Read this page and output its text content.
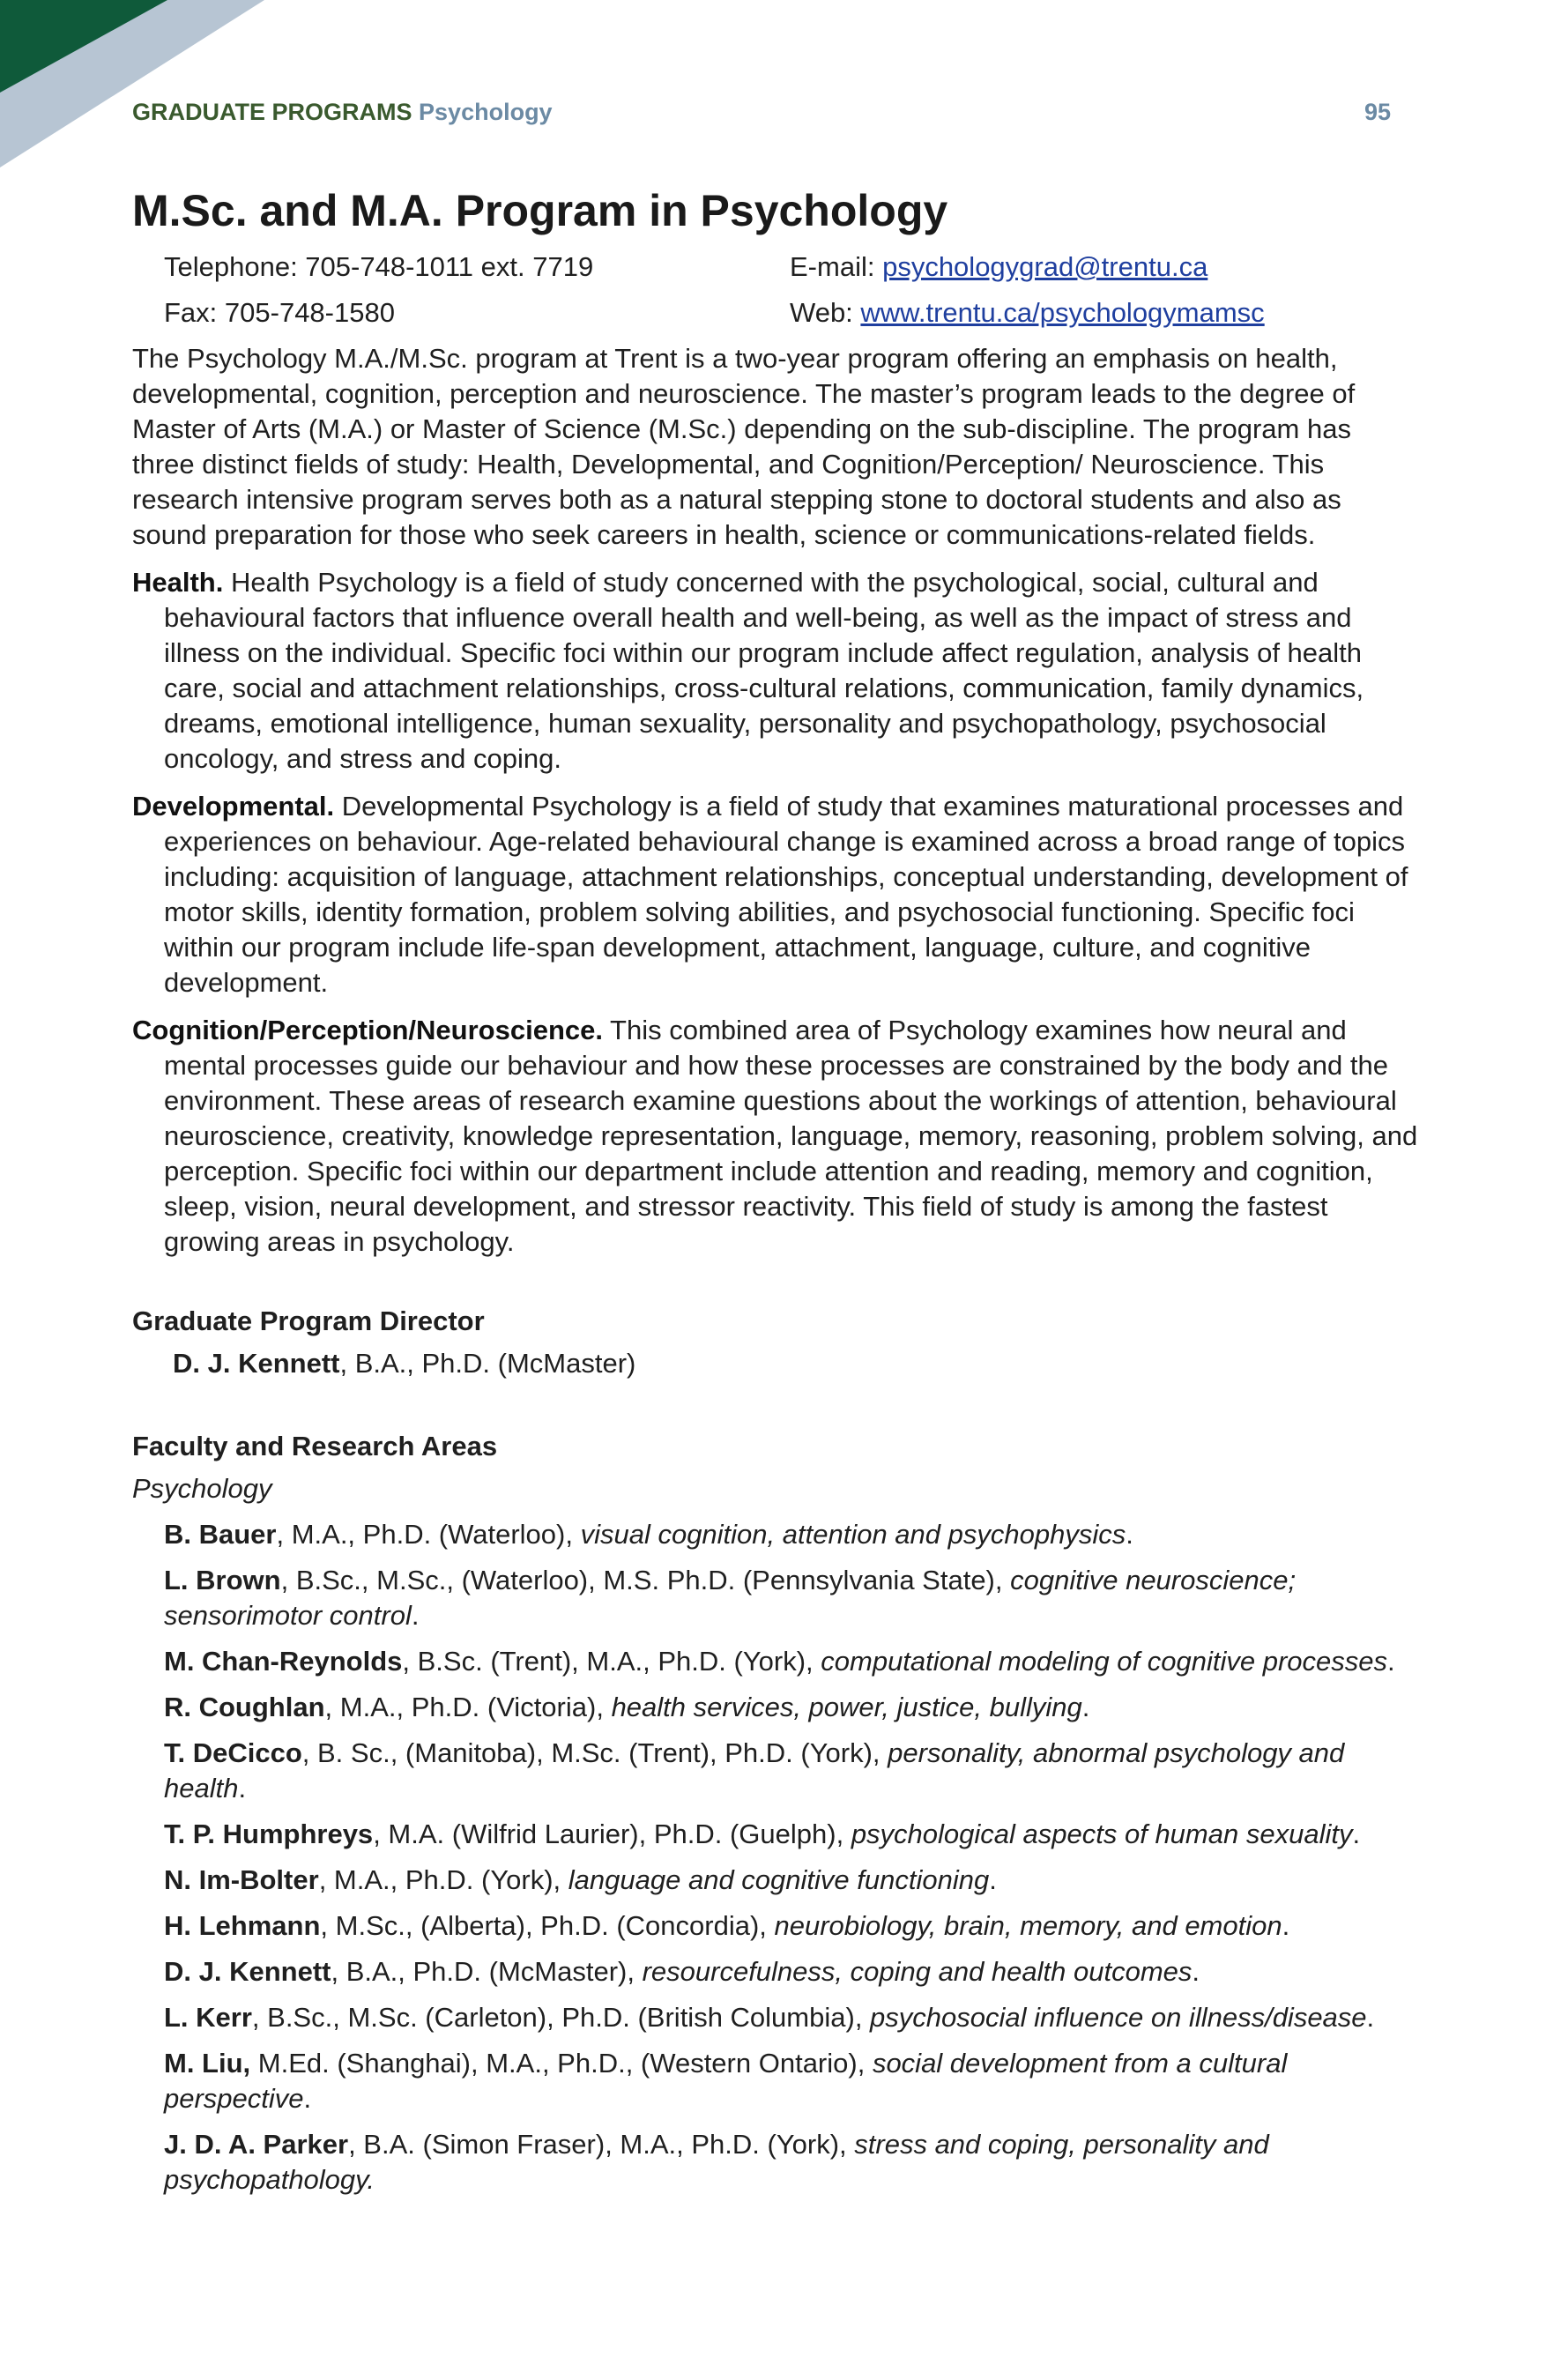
GRADUATE PROGRAMS Psychology	95
M.Sc. and M.A. Program in Psychology
Telephone: 705-748-1011 ext. 7719	E-mail: psychologygrad@trentu.ca
Fax: 705-748-1580	Web: www.trentu.ca/psychologymamsc

The Psychology M.A./M.Sc. program at Trent is a two-year program offering an emphasis on health, developmental, cognition, perception and neuroscience. The master’s program leads to the degree of Master of Arts (M.A.) or Master of Science (M.Sc.) depending on the sub-discipline. The program has three distinct fields of study: Health, Developmental, and Cognition/Perception/ Neuroscience. This research intensive program serves both as a natural stepping stone to doctoral students and also as sound preparation for those who seek careers in health, science or communications-related fields.

Health. Health Psychology is a field of study concerned with the psychological, social, cultural and behavioural factors that influence overall health and well-being, as well as the impact of stress and illness on the individual. Specific foci within our program include affect regulation, analysis of health care, social and attachment relationships, cross-cultural relations, communication, family dynamics, dreams, emotional intelligence, human sexuality, personality and psychopathology, psychosocial oncology, and stress and coping.

Developmental. Developmental Psychology is a field of study that examines maturational processes and experiences on behaviour. Age-related behavioural change is examined across a broad range of topics including: acquisition of language, attachment relationships, conceptual understanding, development of motor skills, identity formation, problem solving abilities, and psychosocial functioning. Specific foci within our program include life-span development, attachment, language, culture, and cognitive development.

Cognition/Perception/Neuroscience. This combined area of Psychology examines how neural and mental processes guide our behaviour and how these processes are constrained by the body and the environment. These areas of research examine questions about the workings of attention, behavioural neuroscience, creativity, knowledge representation, language, memory, reasoning, problem solving, and perception. Specific foci within our department include attention and reading, memory and cognition, sleep, vision, neural development, and stressor reactivity. This field of study is among the fastest growing areas in psychology.

Graduate Program Director
D. J. Kennett, B.A., Ph.D. (McMaster)
Faculty and Research Areas
Psychology
B. Bauer, M.A., Ph.D. (Waterloo), visual cognition, attention and psychophysics.
L. Brown, B.Sc., M.Sc., (Waterloo), M.S. Ph.D. (Pennsylvania State), cognitive neuroscience; sensorimotor control.
M. Chan-Reynolds, B.Sc. (Trent), M.A., Ph.D. (York), computational modeling of cognitive processes.
R. Coughlan, M.A., Ph.D. (Victoria), health services, power, justice, bullying.
T. DeCicco, B. Sc., (Manitoba), M.Sc. (Trent), Ph.D. (York), personality, abnormal psychology and health.
T. P. Humphreys, M.A. (Wilfrid Laurier), Ph.D. (Guelph), psychological aspects of human sexuality.
N. Im-Bolter, M.A., Ph.D. (York), language and cognitive functioning.
H. Lehmann, M.Sc., (Alberta), Ph.D. (Concordia), neurobiology, brain, memory, and emotion.
D. J. Kennett, B.A., Ph.D. (McMaster), resourcefulness, coping and health outcomes.
L. Kerr, B.Sc., M.Sc. (Carleton), Ph.D. (British Columbia), psychosocial influence on illness/disease.
M. Liu, M.Ed. (Shanghai), M.A., Ph.D., (Western Ontario), social development from a cultural perspective.
J. D. A. Parker, B.A. (Simon Fraser), M.A., Ph.D. (York), stress and coping, personality and psychopathology.
